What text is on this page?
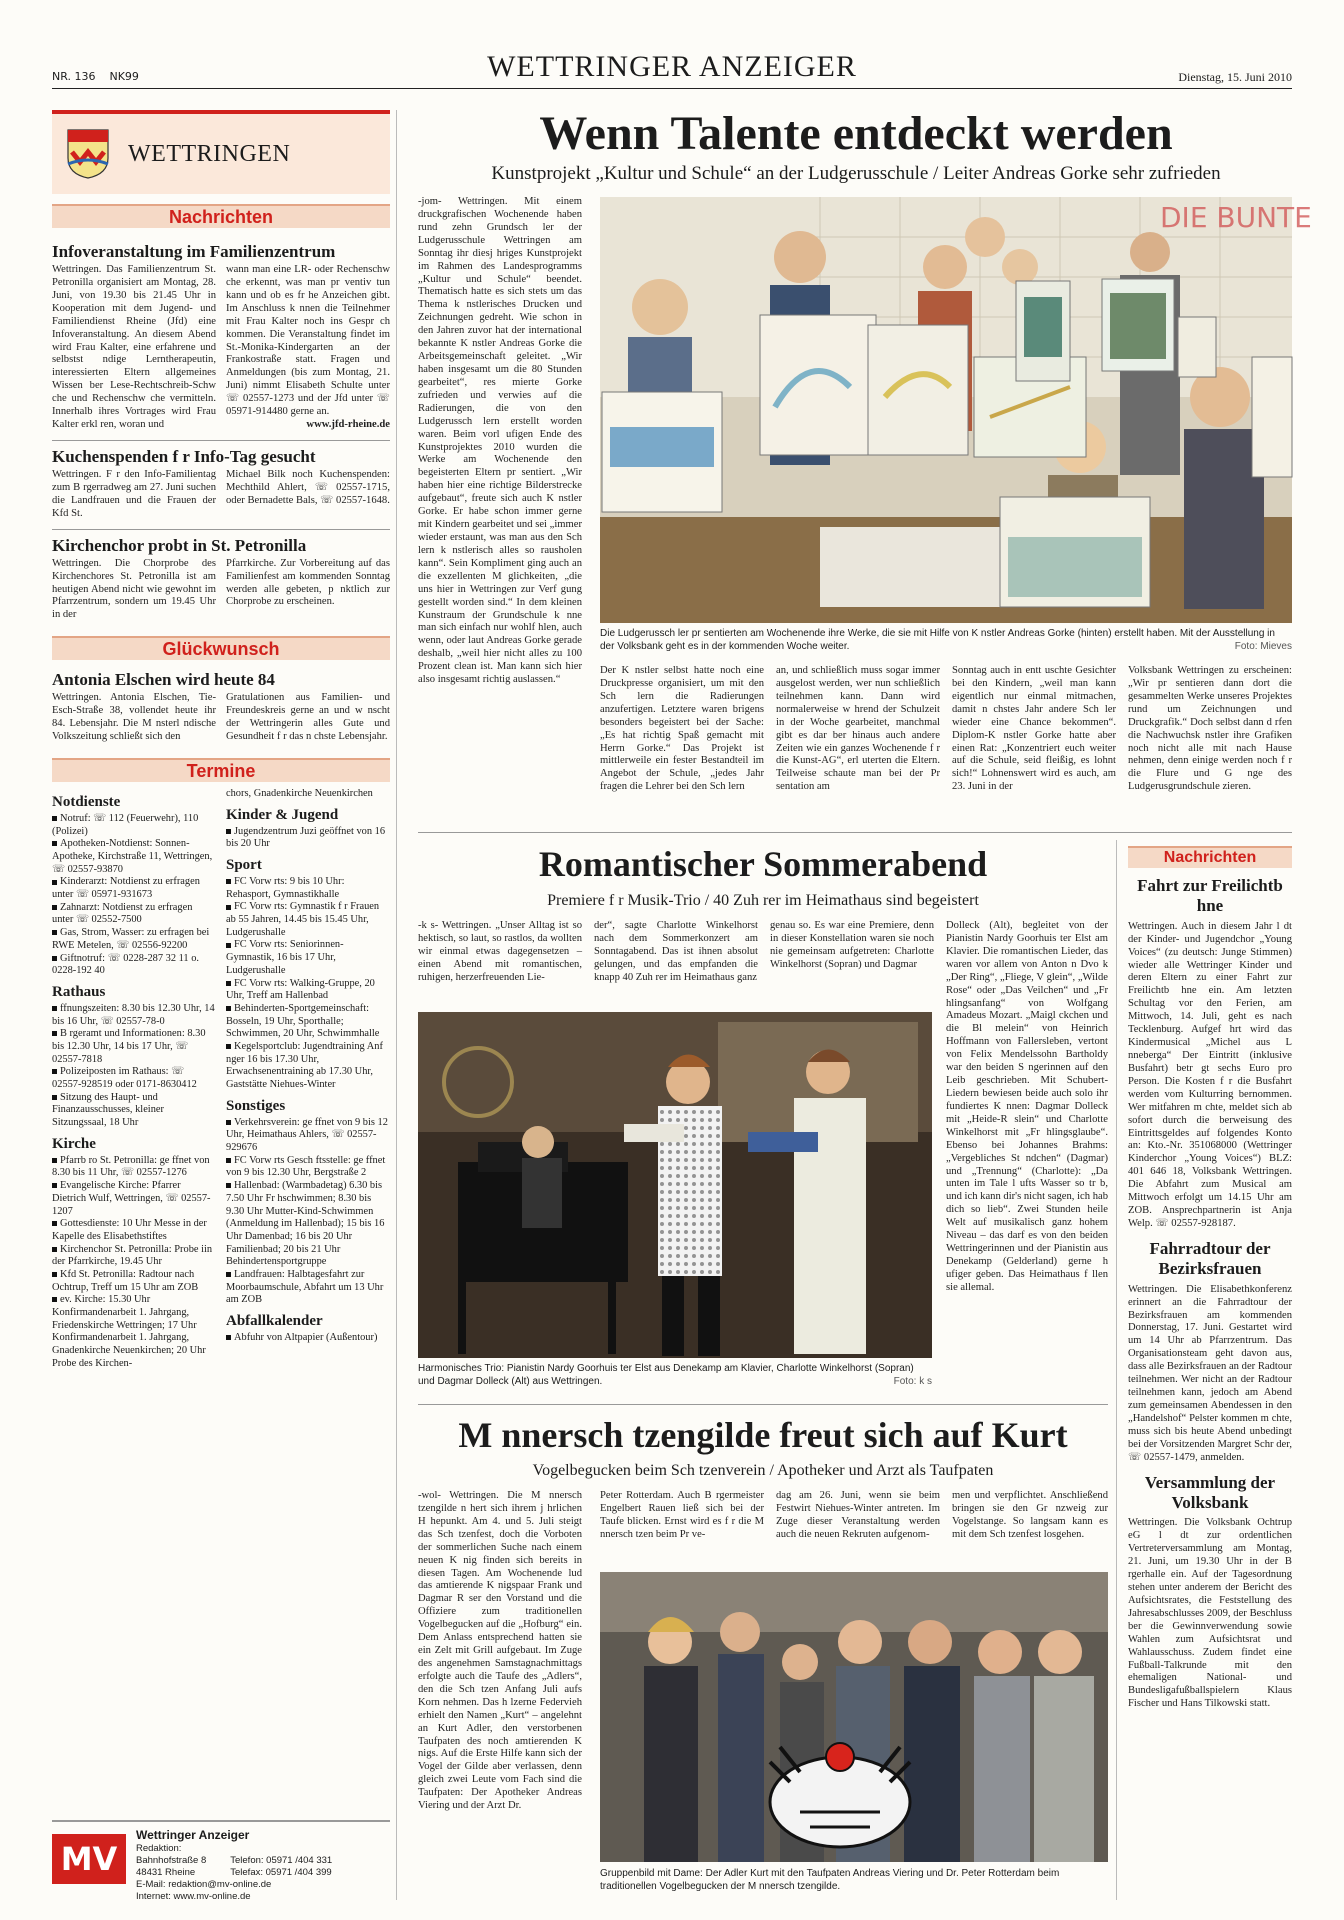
NR. 136 NK99	WETTRINGER ANZEIGER	Dienstag, 15. Juni 2010
WETTRINGEN
Nachrichten
Infoveranstaltung im Familienzentrum
Wettringen. Das Familienzentrum St. Petronilla organisiert am Montag, 28. Juni, von 19.30 bis 21.45 Uhr in Kooperation mit dem Jugend- und Familiendienst Rheine (Jfd) eine Infoveranstaltung. An diesem Abend wird Frau Kalter, eine erfahrene und selbstst ndige Lerntherapeutin, interessierten Eltern allgemeines Wissen ber Lese-Rechtschreib-Schw che und Rechenschw che vermitteln. Innerhalb ihres Vortrages wird Frau Kalter erkl ren, woran und
wann man eine LR- oder Rechenschw che erkennt, was man pr ventiv tun kann und ob es fr he Anzeichen gibt. Im Anschluss k nnen die Teilnehmer mit Frau Kalter noch ins Gespr ch kommen. Die Veranstaltung findet im St.-Monika-Kindergarten an der Frankostraße statt. Fragen und Anmeldungen (bis zum Montag, 21. Juni) nimmt Elisabeth Schulte unter ☏ 02557-1273 und der Jfd unter ☏ 05971-914480 gerne an.
www.jfd-rheine.de
Kuchenspenden f r Info-Tag gesucht
Wettringen. F r den Info-Familientag zum B rgerradweg am 27. Juni suchen die Landfrauen und die Frauen der Kfd St.
Michael Bilk noch Kuchenspenden: Mechthild Ahlert, ☏ 02557-1715, oder Bernadette Bals, ☏ 02557-1648.
Kirchenchor probt in St. Petronilla
Wettringen. Die Chorprobe des Kirchenchores St. Petronilla ist am heutigen Abend nicht wie gewohnt im Pfarrzentrum, sondern um 19.45 Uhr in der
Pfarrkirche. Zur Vorbereitung auf das Familienfest am kommenden Sonntag werden alle gebeten, p nktlich zur Chorprobe zu erscheinen.
Glückwunsch
Antonia Elschen wird heute 84
Wettringen. Antonia Elschen, Tie-Esch-Straße 38, vollendet heute ihr 84. Lebensjahr. Die M nsterl ndische Volkszeitung schließt sich den
Gratulationen aus Familien- und Freundeskreis gerne an und w nscht der Wettringerin alles Gute und Gesundheit f r das n chste Lebensjahr.
Termine
Notdienste
Notruf: ☏ 112 (Feuerwehr), 110 (Polizei)
Apotheken-Notdienst: Sonnen-Apotheke, Kirchstraße 11, Wettringen, ☏ 02557-93870
Kinderarzt: Notdienst zu erfragen unter ☏ 05971-931673
Zahnarzt: Notdienst zu erfragen unter ☏ 02552-7500
Gas, Strom, Wasser: zu erfragen bei RWE Metelen, ☏ 02556-92200
Giftnotruf: ☏ 0228-287 32 11 o. 0228-192 40
Rathaus
ffnungszeiten: 8.30 bis 12.30 Uhr, 14 bis 16 Uhr, ☏ 02557-78-0
B rgeramt und Informationen: 8.30 bis 12.30 Uhr, 14 bis 17 Uhr, ☏ 02557-7818
Polizeiposten im Rathaus: ☏ 02557-928519 oder 0171-8630412
Sitzung des Haupt- und Finanzausschusses, kleiner Sitzungssaal, 18 Uhr
Kirche
Pfarrb ro St. Petronilla: ge ffnet von 8.30 bis 11 Uhr, ☏ 02557-1276
Evangelische Kirche: Pfarrer Dietrich Wulf, Wettringen, ☏ 02557-1207
Gottesdienste: 10 Uhr Messe in der Kapelle des Elisabethstiftes
Kirchenchor St. Petronilla: Probe iin der Pfarrkirche, 19.45 Uhr
Kfd St. Petronilla: Radtour nach Ochtrup, Treff um 15 Uhr am ZOB
ev. Kirche: 15.30 Uhr Konfirmandenarbeit 1. Jahrgang, Friedenskirche Wettringen; 17 Uhr Konfirmandenarbeit 1. Jahrgang, Gnadenkirche Neuenkirchen; 20 Uhr Probe des Kirchen-
chors, Gnadenkirche Neuenkirchen
Kinder & Jugend
Jugendzentrum Juzi geöffnet von 16 bis 20 Uhr
Sport
FC Vorw rts: 9 bis 10 Uhr: Rehasport, Gymnastikhalle
FC Vorw rts: Gymnastik f r Frauen ab 55 Jahren, 14.45 bis 15.45 Uhr, Ludgerushalle
FC Vorw rts: Seniorinnen-Gymnastik, 16 bis 17 Uhr, Ludgerushalle
FC Vorw rts: Walking-Gruppe, 20 Uhr, Treff am Hallenbad
Behinderten-Sportgemeinschaft: Bosseln, 19 Uhr, Sporthalle; Schwimmen, 20 Uhr, Schwimmhalle
Kegelsportclub: Jugendtraining Anf nger 16 bis 17.30 Uhr, Erwachsenentraining ab 17.30 Uhr, Gaststätte Niehues-Winter
Sonstiges
Verkehrsverein: ge ffnet von 9 bis 12 Uhr, Heimathaus Ahlers, ☏ 02557-929676
FC Vorw rts Gesch ftsstelle: ge ffnet von 9 bis 12.30 Uhr, Bergstraße 2
Hallenbad: (Warmbadetag) 6.30 bis 7.50 Uhr Fr hschwimmen; 8.30 bis 9.30 Uhr Mutter-Kind-Schwimmen (Anmeldung im Hallenbad); 15 bis 16 Uhr Damenbad; 16 bis 20 Uhr Familienbad; 20 bis 21 Uhr Behindertensportgruppe
Landfrauen: Halbtagesfahrt zur Moorbaumschule, Abfahrt um 13 Uhr am ZOB
Abfallkalender
Abfuhr von Altpapier (Außentour)
MV
Wettringer Anzeiger
Redaktion:
Bahnhofstraße 8
48431 Rheine
Telefon: 05971 /404 331
Telefax: 05971 /404 399
E-Mail: redaktion@mv-online.de
Internet: www.mv-online.de
Wenn Talente entdeckt werden
Kunstprojekt „Kultur und Schule“ an der Ludgerusschule / Leiter Andreas Gorke sehr zufrieden
-jom- Wettringen. Mit einem druckgrafischen Wochenende haben rund zehn Grundsch ler der Ludgerusschule Wettringen am Sonntag ihr diesj hriges Kunstprojekt im Rahmen des Landesprogramms „Kultur und Schule“ beendet. Thematisch hatte es sich stets um das Thema k nstlerisches Drucken und Zeichnungen gedreht. Wie schon in den Jahren zuvor hat der international bekannte K nstler Andreas Gorke die Arbeitsgemeinschaft geleitet. „Wir haben insgesamt um die 80 Stunden gearbeitet“, res mierte Gorke zufrieden und verwies auf die Radierungen, die von den Ludgerussch lern erstellt worden waren. Beim vorl ufigen Ende des Kunstprojektes 2010 wurden die Werke am Wochenende den begeisterten Eltern pr sentiert. „Wir haben hier eine richtige Bilderstrecke aufgebaut“, freute sich auch K nstler Gorke. Er habe schon immer gerne mit Kindern gearbeitet und sei „immer wieder erstaunt, was man aus den Sch lern k nstlerisch alles so rausholen kann“. Sein Kompliment ging auch an die exzellenten M glichkeiten, „die uns hier in Wettringen zur Verf gung gestellt worden sind.“ In dem kleinen Kunstraum der Grundschule k nne man sich einfach nur wohlf hlen, auch wenn, oder laut Andreas Gorke gerade deshalb, „weil hier nicht alles zu 100 Prozent clean ist. Man kann sich hier also insgesamt richtig auslassen.“
DIE BUNTE
Die Ludgerussch ler pr sentierten am Wochenende ihre Werke, die sie mit Hilfe von K nstler Andreas Gorke (hinten) erstellt haben. Mit der Ausstellung in der Volksbank geht es in der kommenden Woche weiter.	Foto: Mieves
Der K nstler selbst hatte noch eine Druckpresse organisiert, um mit den Sch lern die Radierungen anzufertigen. Letztere waren brigens besonders begeistert bei der Sache: „Es hat richtig Spaß gemacht mit Herrn Gorke.“ Das Projekt ist mittlerweile ein fester Bestandteil im Angebot der Schule, „jedes Jahr fragen die Lehrer bei den Sch lern
an, und schließlich muss sogar immer ausgelost werden, wer nun schließlich teilnehmen kann. Dann wird normalerweise w hrend der Schulzeit in der Woche gearbeitet, manchmal gibt es dar ber hinaus auch andere Zeiten wie ein ganzes Wochenende f r die Kunst-AG“, erl uterten die Eltern. Teilweise schaute man bei der Pr sentation am
Sonntag auch in entt uschte Gesichter bei den Kindern, „weil man kann eigentlich nur einmal mitmachen, damit n chstes Jahr andere Sch ler wieder eine Chance bekommen“. Diplom-K nstler Gorke hatte aber einen Rat: „Konzentriert euch weiter auf die Schule, seid fleißig, es lohnt sich!“ Lohnenswert wird es auch, am 23. Juni in der
Volksbank Wettringen zu erscheinen: „Wir pr sentieren dann dort die gesammelten Werke unseres Projektes rund um Zeichnungen und Druckgrafik.“ Doch selbst dann d rfen die Nachwuchsk nstler ihre Grafiken noch nicht alle mit nach Hause nehmen, denn einige werden noch f r die Flure und G nge des Ludgerusgrundschule zieren.
Romantischer Sommerabend
Premiere f r Musik-Trio / 40 Zuh rer im Heimathaus sind begeistert
-k s- Wettringen. „Unser Alltag ist so hektisch, so laut, so rastlos, da wollten wir einmal etwas dagegensetzen – einen Abend mit romantischen, ruhigen, herzerfreuenden Lie-
der“, sagte Charlotte Winkelhorst nach dem Sommerkonzert am Sonntagabend. Das ist ihnen absolut gelungen, und das empfanden die knapp 40 Zuh rer im Heimathaus ganz
genau so. Es war eine Premiere, denn in dieser Konstellation waren sie noch nie gemeinsam aufgetreten: Charlotte Winkelhorst (Sopran) und Dagmar
Dolleck (Alt), begleitet von der Pianistin Nardy Goorhuis ter Elst am Klavier. Die romantischen Lieder, das waren vor allem von Anton n Dvo k „Der Ring“, „Fliege, V glein“, „Wilde Rose“ oder „Das Veilchen“ und „Fr hlingsanfang“ von Wolfgang Amadeus Mozart. „Maigl ckchen und die Bl melein“ von Heinrich Hoffmann von Fallersleben, vertont von Felix Mendelssohn Bartholdy war den beiden S ngerinnen auf den Leib geschrieben. Mit Schubert-Liedern bewiesen beide auch solo ihr fundiertes K nnen: Dagmar Dolleck mit „Heide-R slein“ und Charlotte Winkelhorst mit „Fr hlingsglaube“. Ebenso bei Johannes Brahms: „Vergebliches St ndchen“ (Dagmar) und „Trennung“ (Charlotte): „Da unten im Tale l ufts Wasser so tr b, und ich kann dir's nicht sagen, ich hab dich so lieb“. Zwei Stunden heile Welt auf musikalisch ganz hohem Niveau – das darf es von den beiden Wettringerinnen und der Pianistin aus Denekamp (Gelderland) gerne h ufiger geben. Das Heimathaus f llen sie allemal.
Harmonisches Trio: Pianistin Nardy Goorhuis ter Elst aus Denekamp am Klavier, Charlotte Winkelhorst (Sopran) und Dagmar Dolleck (Alt) aus Wettringen.	Foto: k s
M nnersch tzengilde freut sich auf Kurt
Vogelbegucken beim Sch tzenverein / Apotheker und Arzt als Taufpaten
-wol- Wettringen. Die M nnersch tzengilde n hert sich ihrem j hrlichen H hepunkt. Am 4. und 5. Juli steigt das Sch tzenfest, doch die Vorboten der sommerlichen Suche nach einem neuen K nig finden sich bereits in diesen Tagen. Am Wochenende lud das amtierende K nigspaar Frank und Dagmar R ser den Vorstand und die Offiziere zum traditionellen Vogelbegucken auf die „Hofburg“ ein. Dem Anlass entsprechend hatten sie ein Zelt mit Grill aufgebaut. Im Zuge des angenehmen Samstagnachmittags erfolgte auch die Taufe des „Adlers“, den die Sch tzen Anfang Juli aufs Korn nehmen. Das h lzerne Federvieh erhielt den Namen „Kurt“ – angelehnt an Kurt Adler, den verstorbenen Taufpaten des noch amtierenden K nigs. Auf die Erste Hilfe kann sich der Vogel der Gilde aber verlassen, denn gleich zwei Leute vom Fach sind die Taufpaten: Der Apotheker Andreas Viering und der Arzt Dr.
Peter Rotterdam. Auch B rgermeister Engelbert Rauen ließ sich bei der Taufe blicken. Ernst wird es f r die M nnersch tzen beim Pr ve-
dag am 26. Juni, wenn sie beim Festwirt Niehues-Winter antreten. Im Zuge dieser Veranstaltung werden auch die neuen Rekruten aufgenom-
men und verpflichtet. Anschließend bringen sie den Gr nzweig zur Vogelstange. So langsam kann es mit dem Sch tzenfest losgehen.
Gruppenbild mit Dame: Der Adler Kurt mit den Taufpaten Andreas Viering und Dr. Peter Rotterdam beim traditionellen Vogelbegucken der M nnersch tzengilde.
Nachrichten
Fahrt zur Freilichtb hne
Wettringen. Auch in diesem Jahr l dt der Kinder- und Jugendchor „Young Voices“ (zu deutsch: Junge Stimmen) wieder alle Wettringer Kinder und deren Eltern zu einer Fahrt zur Freilichtb hne ein. Am letzten Schultag vor den Ferien, am Mittwoch, 14. Juli, geht es nach Tecklenburg. Aufgef hrt wird das Kindermusical „Michel aus L nneberga“ Der Eintritt (inklusive Busfahrt) betr gt sechs Euro pro Person. Die Kosten f r die Busfahrt werden vom Kulturring bernommen. Wer mitfahren m chte, meldet sich ab sofort durch die berweisung des Eintrittsgeldes auf folgendes Konto an: Kto.-Nr. 351068000 (Wettringer Kinderchor „Young Voices“) BLZ: 401 646 18, Volksbank Wettringen. Die Abfahrt zum Musical am Mittwoch erfolgt um 14.15 Uhr am ZOB. Ansprechpartnerin ist Anja Welp. ☏ 02557-928187.
Fahrradtour der Bezirksfrauen
Wettringen. Die Elisabethkonferenz erinnert an die Fahrradtour der Bezirksfrauen am kommenden Donnerstag, 17. Juni. Gestartet wird um 14 Uhr ab Pfarrzentrum. Das Organisationsteam geht davon aus, dass alle Bezirksfrauen an der Radtour teilnehmen. Wer nicht an der Radtour teilnehmen kann, jedoch am Abend zum gemeinsamen Abendessen in den „Handelshof“ Pelster kommen m chte, muss sich bis heute Abend unbedingt bei der Vorsitzenden Margret Schr der, ☏ 02557-1479, anmelden.
Versammlung der Volksbank
Wettringen. Die Volksbank Ochtrup eG l dt zur ordentlichen Vertreterversammlung am Montag, 21. Juni, um 19.30 Uhr in der B rgerhalle ein. Auf der Tagesordnung stehen unter anderem der Bericht des Aufsichtsrates, die Feststellung des Jahresabschlusses 2009, der Beschluss ber die Gewinnverwendung sowie Wahlen zum Aufsichtsrat und Wahlausschuss. Zudem findet eine Fußball-Talkrunde mit den ehemaligen National- und Bundesligafußballspielern Klaus Fischer und Hans Tilkowski statt.
